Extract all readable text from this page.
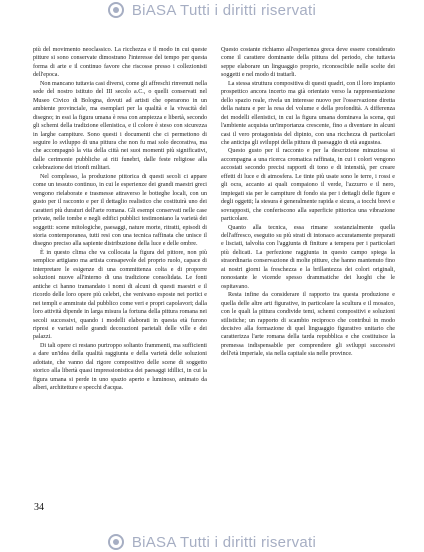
BiASA Tutti i diritti riservati

più del movimento neoclassico. La ricchezza e il modo in cui queste pitture si sono conservate dimostrano l'interesse del tempo per questa forma di arte e il continuo favore che riscosse presso i collezionisti dell'epoca.

Non mancano tuttavia casi diversi, come gli affreschi rinvenuti nella sede del nostro istituto del III secolo a.C., o quelli conservati nel Museo Civico di Bologna, dovuti ad artisti che operarono in un ambiente provinciale, ma esemplari per la qualità e la vivacità del disegno; in essi la figura umana è resa con ampiezza e libertà, secondo gli schemi della tradizione ellenistica, e il colore è steso con sicurezza in larghe campiture. Sono questi i documenti che ci permettono di seguire lo sviluppo di una pittura che non fu mai solo decorativa, ma che accompagnò la vita della città nei suoi momenti più significativi, dalle cerimonie pubbliche ai riti funebri, dalle feste religiose alla celebrazione dei trionfi militari.

Nel complesso, la produzione pittorica di questi secoli ci appare come un tessuto continuo, in cui le esperienze dei grandi maestri greci vengono rielaborate e trasmesse attraverso le botteghe locali, con un gusto per il racconto e per il dettaglio realistico che costituirà uno dei caratteri più duraturi dell'arte romana. Gli esempi conservati nelle case private, nelle tombe e negli edifici pubblici testimoniano la varietà dei soggetti: scene mitologiche, paesaggi, nature morte, ritratti, episodi di storia contemporanea, tutti resi con una tecnica raffinata che unisce il disegno preciso alla sapiente distribuzione della luce e delle ombre.

È in questo clima che va collocata la figura del pittore, non più semplice artigiano ma artista consapevole del proprio ruolo, capace di interpretare le esigenze di una committenza colta e di proporre soluzioni nuove all'interno di una tradizione consolidata. Le fonti antiche ci hanno tramandato i nomi di alcuni di questi maestri e il ricordo delle loro opere più celebri, che venivano esposte nei portici e nei templi e ammirate dal pubblico come veri e propri capolavori; dalla loro attività dipende in larga misura la fortuna della pittura romana nei secoli successivi, quando i modelli elaborati in questa età furono ripresi e variati nelle grandi decorazioni parietali delle ville e dei palazzi.

Di tali opere ci restano purtroppo soltanto frammenti, ma sufficienti a dare un'idea della qualità raggiunta e della varietà delle soluzioni adottate, che vanno dal rigore compositivo delle scene di soggetto storico alla libertà quasi impressionistica dei paesaggi idillici, in cui la figura umana si perde in uno spazio aperto e luminoso, animato da alberi, architetture e specchi d'acqua.

Questo costante richiamo all'esperienza greca deve essere considerato come il carattere dominante della pittura del periodo, che tuttavia seppe elaborare un linguaggio proprio, riconoscibile nelle scelte dei soggetti e nel modo di trattarli.

La stessa struttura compositiva di questi quadri, con il loro impianto prospettico ancora incerto ma già orientato verso la rappresentazione dello spazio reale, rivela un interesse nuovo per l'osservazione diretta della natura e per la resa del volume e della profondità. A differenza dei modelli ellenistici, in cui la figura umana dominava la scena, qui l'ambiente acquista un'importanza crescente, fino a diventare in alcuni casi il vero protagonista del dipinto, con una ricchezza di particolari che anticipa gli sviluppi della pittura di paesaggio di età augustea.

Questo gusto per il racconto e per la descrizione minuziosa si accompagna a una ricerca cromatica raffinata, in cui i colori vengono accostati secondo precisi rapporti di tono e di intensità, per creare effetti di luce e di atmosfera. Le tinte più usate sono le terre, i rossi e gli ocra, accanto ai quali compaiono il verde, l'azzurro e il nero, impiegati sia per le campiture di fondo sia per i dettagli delle figure e degli oggetti; la stesura è generalmente rapida e sicura, a tocchi brevi e sovrapposti, che conferiscono alla superficie pittorica una vibrazione particolare.

Quanto alla tecnica, essa rimane sostanzialmente quella dell'affresco, eseguito su più strati di intonaco accuratamente preparati e lisciati, talvolta con l'aggiunta di finiture a tempera per i particolari più delicati. La perfezione raggiunta in questo campo spiega la straordinaria conservazione di molte pitture, che hanno mantenuto fino ai nostri giorni la freschezza e la brillantezza dei colori originali, nonostante le vicende spesso drammatiche dei luoghi che le ospitavano.

Resta infine da considerare il rapporto tra questa produzione e quella delle altre arti figurative, in particolare la scultura e il mosaico, con le quali la pittura condivide temi, schemi compositivi e soluzioni stilistiche; un rapporto di scambio reciproco che contribuì in modo decisivo alla formazione di quel linguaggio figurativo unitario che caratterizza l'arte romana della tarda repubblica e che costituisce la premessa indispensabile per comprendere gli sviluppi successivi dell'età imperiale, sia nella capitale sia nelle province.

34
BiASA Tutti i diritti riservati
